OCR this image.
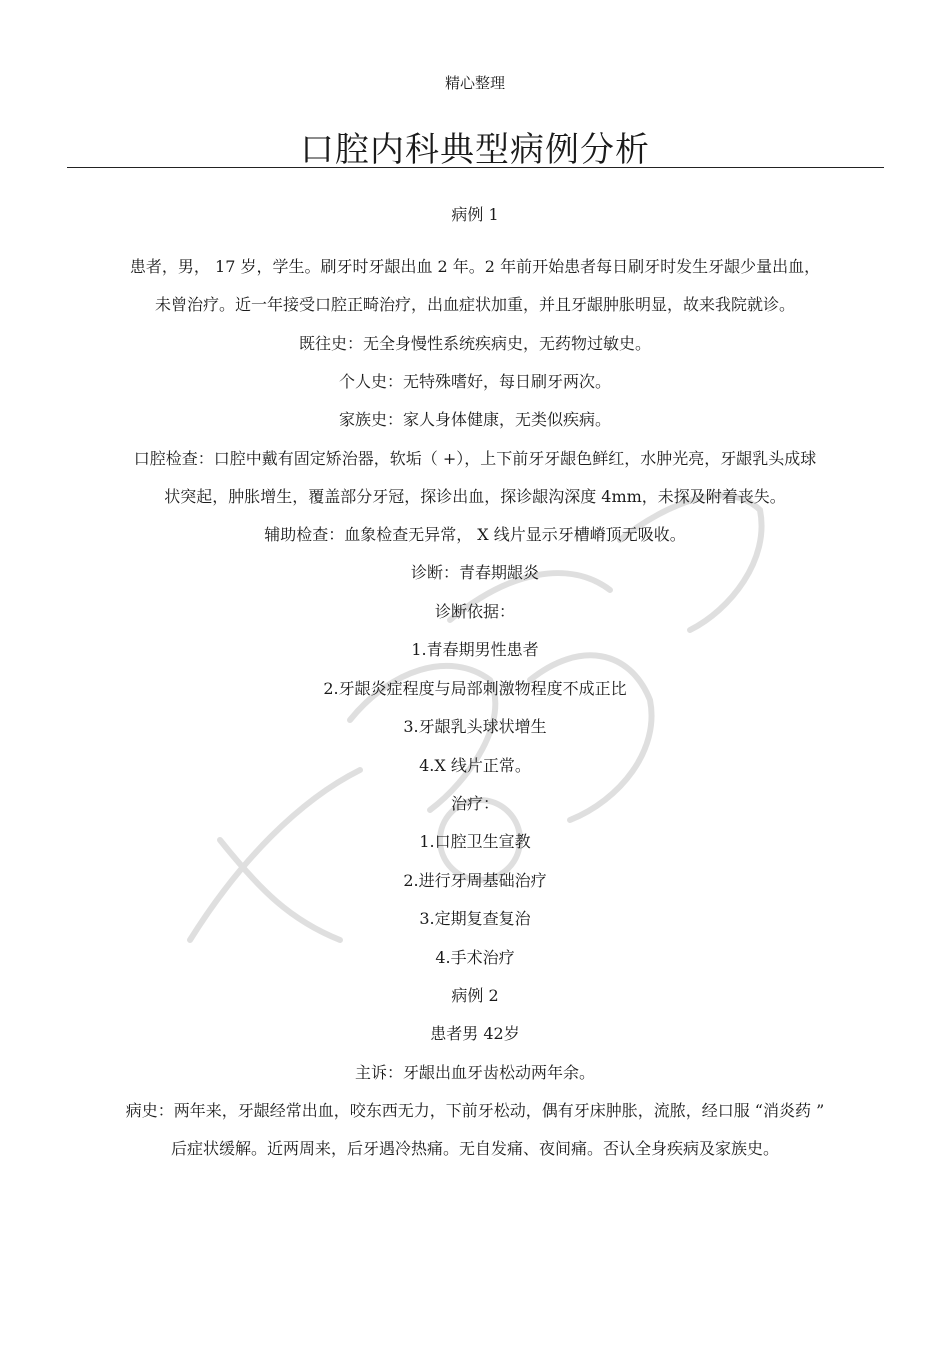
精心整理
口腔内科典型病例分析
病例 1
患者，男， 17 岁，学生。刷牙时牙龈出血 2 年。2 年前开始患者每日刷牙时发生牙龈少量出血，
未曾治疗。近一年接受口腔正畸治疗，出血症状加重，并且牙龈肿胀明显，故来我院就诊。
既往史：无全身慢性系统疾病史，无药物过敏史。
个人史：无特殊嗜好，每日刷牙两次。
家族史：家人身体健康，无类似疾病。
口腔检查：口腔中戴有固定矫治器，软垢（ +），上下前牙牙龈色鲜红，水肿光亮，牙龈乳头成球
状突起，肿胀增生，覆盖部分牙冠，探诊出血，探诊龈沟深度 4mm，未探及附着丧失。
辅助检查：血象检查无异常， X 线片显示牙槽嵴顶无吸收。
诊断：青春期龈炎
诊断依据：
1.青春期男性患者
2.牙龈炎症程度与局部刺激物程度不成正比
3.牙龈乳头球状增生
4.X 线片正常。
治疗：
1.口腔卫生宣教
2.进行牙周基础治疗
3.定期复查复治
4.手术治疗
病例 2
患者男 42岁
主诉：牙龈出血牙齿松动两年余。
病史：两年来，牙龈经常出血，咬东西无力，下前牙松动，偶有牙床肿胀，流脓，经口服 “消炎药 ”
后症状缓解。近两周来，后牙遇冷热痛。无自发痛、夜间痛。否认全身疾病及家族史。
